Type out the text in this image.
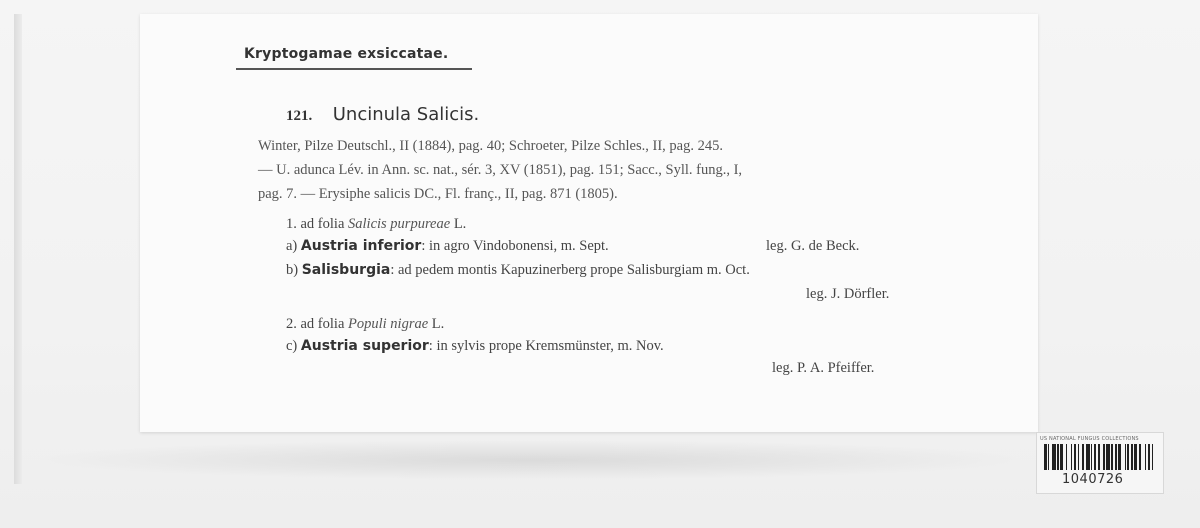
Kryptogamae exsiccatae.
121. Uncinula Salicis.
Winter, Pilze Deutschl., II (1884), pag. 40; Schroeter, Pilze Schles., II, pag. 245.
— U. adunca Lév. in Ann. sc. nat., sér. 3, XV (1851), pag. 151; Sacc., Syll. fung., I,
pag. 7. — Erysiphe salicis DC., Fl. franç., II, pag. 871 (1805).
1. ad folia Salicis purpureae L.
a) Austria inferior: in agro Vindobonensi, m. Sept.	leg. G. de Beck.
b) Salisburgia: ad pedem montis Kapuzinerberg prope Salisburgiam m. Oct.
leg. J. Dörfler.
2. ad folia Populi nigrae L.
c) Austria superior: in sylvis prope Kremsmünster, m. Nov.
leg. P. A. Pfeiffer.
US NATIONAL FUNGUS COLLECTIONS
1040726
